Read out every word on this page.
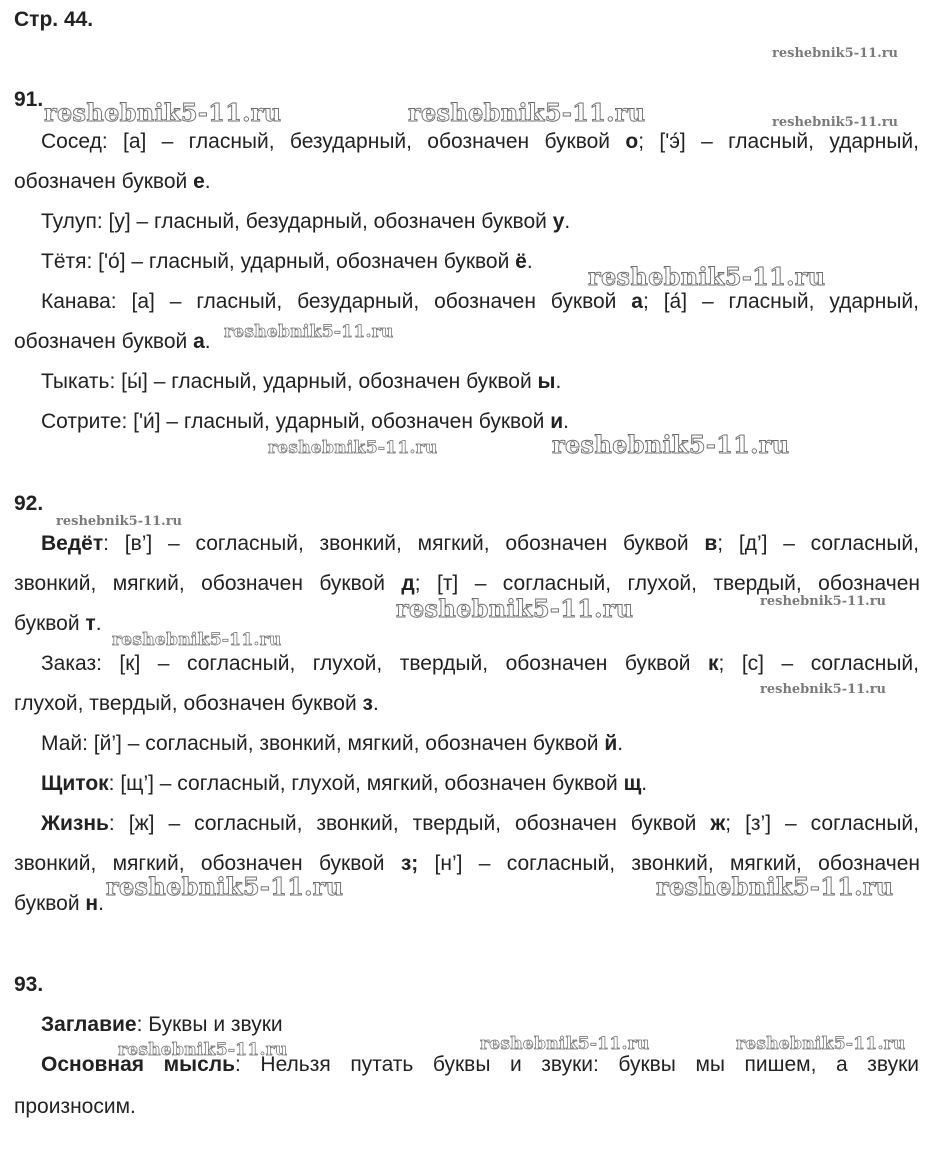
Стр. 44.
91.
Сосед: [а] – гласный, безударный, обозначен буквой о; [ʹэ́] – гласный, ударный,
обозначен буквой е.
Тулуп: [у] – гласный, безударный, обозначен буквой у.
Тётя: [ʹо́] – гласный, ударный, обозначен буквой ё.
Канава: [а] – гласный, безударный, обозначен буквой а; [а́] – гласный, ударный,
обозначен буквой а.
Тыкать: [ы́] – гласный, ударный, обозначен буквой ы.
Сотрите: [ʹи́] – гласный, ударный, обозначен буквой и.
92.
Ведёт: [в’] – согласный, звонкий, мягкий, обозначен буквой в; [д’] – согласный,
звонкий, мягкий, обозначен буквой д; [т] – согласный, глухой, твердый, обозначен
буквой т.
Заказ: [к] – согласный, глухой, твердый, обозначен буквой к; [с] – согласный,
глухой, твердый, обозначен буквой з.
Май: [й’] – согласный, звонкий, мягкий, обозначен буквой й.
Щиток: [щ’] – согласный, глухой, мягкий, обозначен буквой щ.
Жизнь: [ж] – согласный, звонкий, твердый, обозначен буквой ж; [з’] – согласный,
звонкий, мягкий, обозначен буквой з; [н’] – согласный, звонкий, мягкий, обозначен
буквой н.
93.
Заглавие: Буквы и звуки
Основная мысль: Нельзя путать буквы и звуки: буквы мы пишем, а звуки
произносим.
reshebnik5-11.ru
reshebnik5-11.ru	reshebnik5-11.ru	reshebnik5-11.ru
reshebnik5-11.ru
reshebnik5-11.ru
reshebnik5-11.ru	reshebnik5-11.ru
reshebnik5-11.ru
reshebnik5-11.ru	reshebnik5-11.ru
reshebnik5-11.ru
reshebnik5-11.ru
reshebnik5-11.ru	reshebnik5-11.ru
reshebnik5-11.ru	reshebnik5-11.ru
reshebnik5-11.ru
